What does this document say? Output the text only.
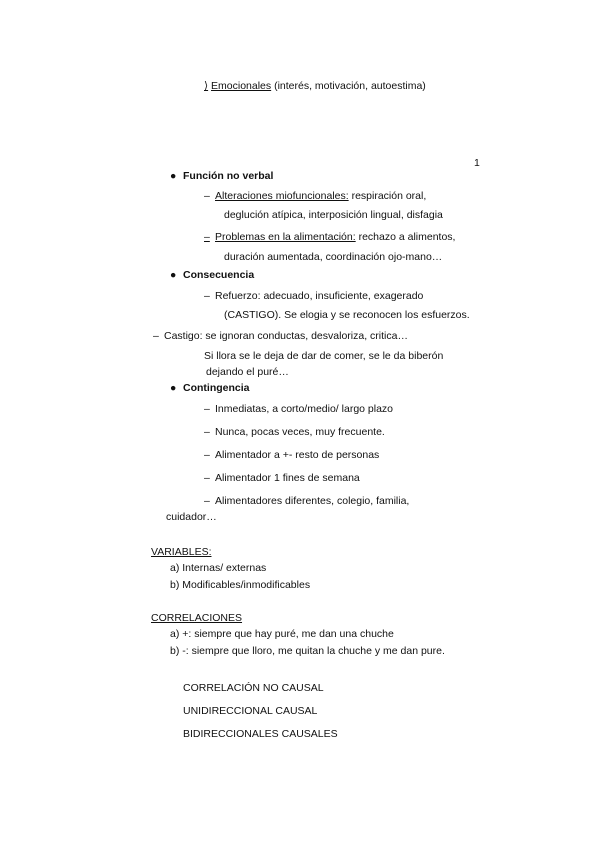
⟩ Emocionales (interés, motivación, autoestima)
1
● Función no verbal
– Alteraciones miofuncionales: respiración oral,
deglución atípica, interposición lingual, disfagia
– Problemas en la alimentación: rechazo a alimentos,
duración aumentada, coordinación ojo-mano…
● Consecuencia
– Refuerzo: adecuado, insuficiente, exagerado
(CASTIGO). Se elogia y se reconocen los esfuerzos.
– Castigo: se ignoran conductas, desvaloriza, critica…
Si llora se le deja de dar de comer, se le da biberón
dejando el puré…
● Contingencia
– Inmediatas, a corto/medio/ largo plazo
– Nunca, pocas veces, muy frecuente.
– Alimentador a +- resto de personas
– Alimentador 1 fines de semana
– Alimentadores diferentes, colegio, familia,
cuidador…
VARIABLES:
a) Internas/ externas
b) Modificables/inmodificables
CORRELACIONES
a) +: siempre que hay puré, me dan una chuche
b) -: siempre que lloro, me quitan la chuche y me dan pure.
CORRELACIÓN NO CAUSAL
UNIDIRECCIONAL CAUSAL
BIDIRECCIONALES CAUSALES
